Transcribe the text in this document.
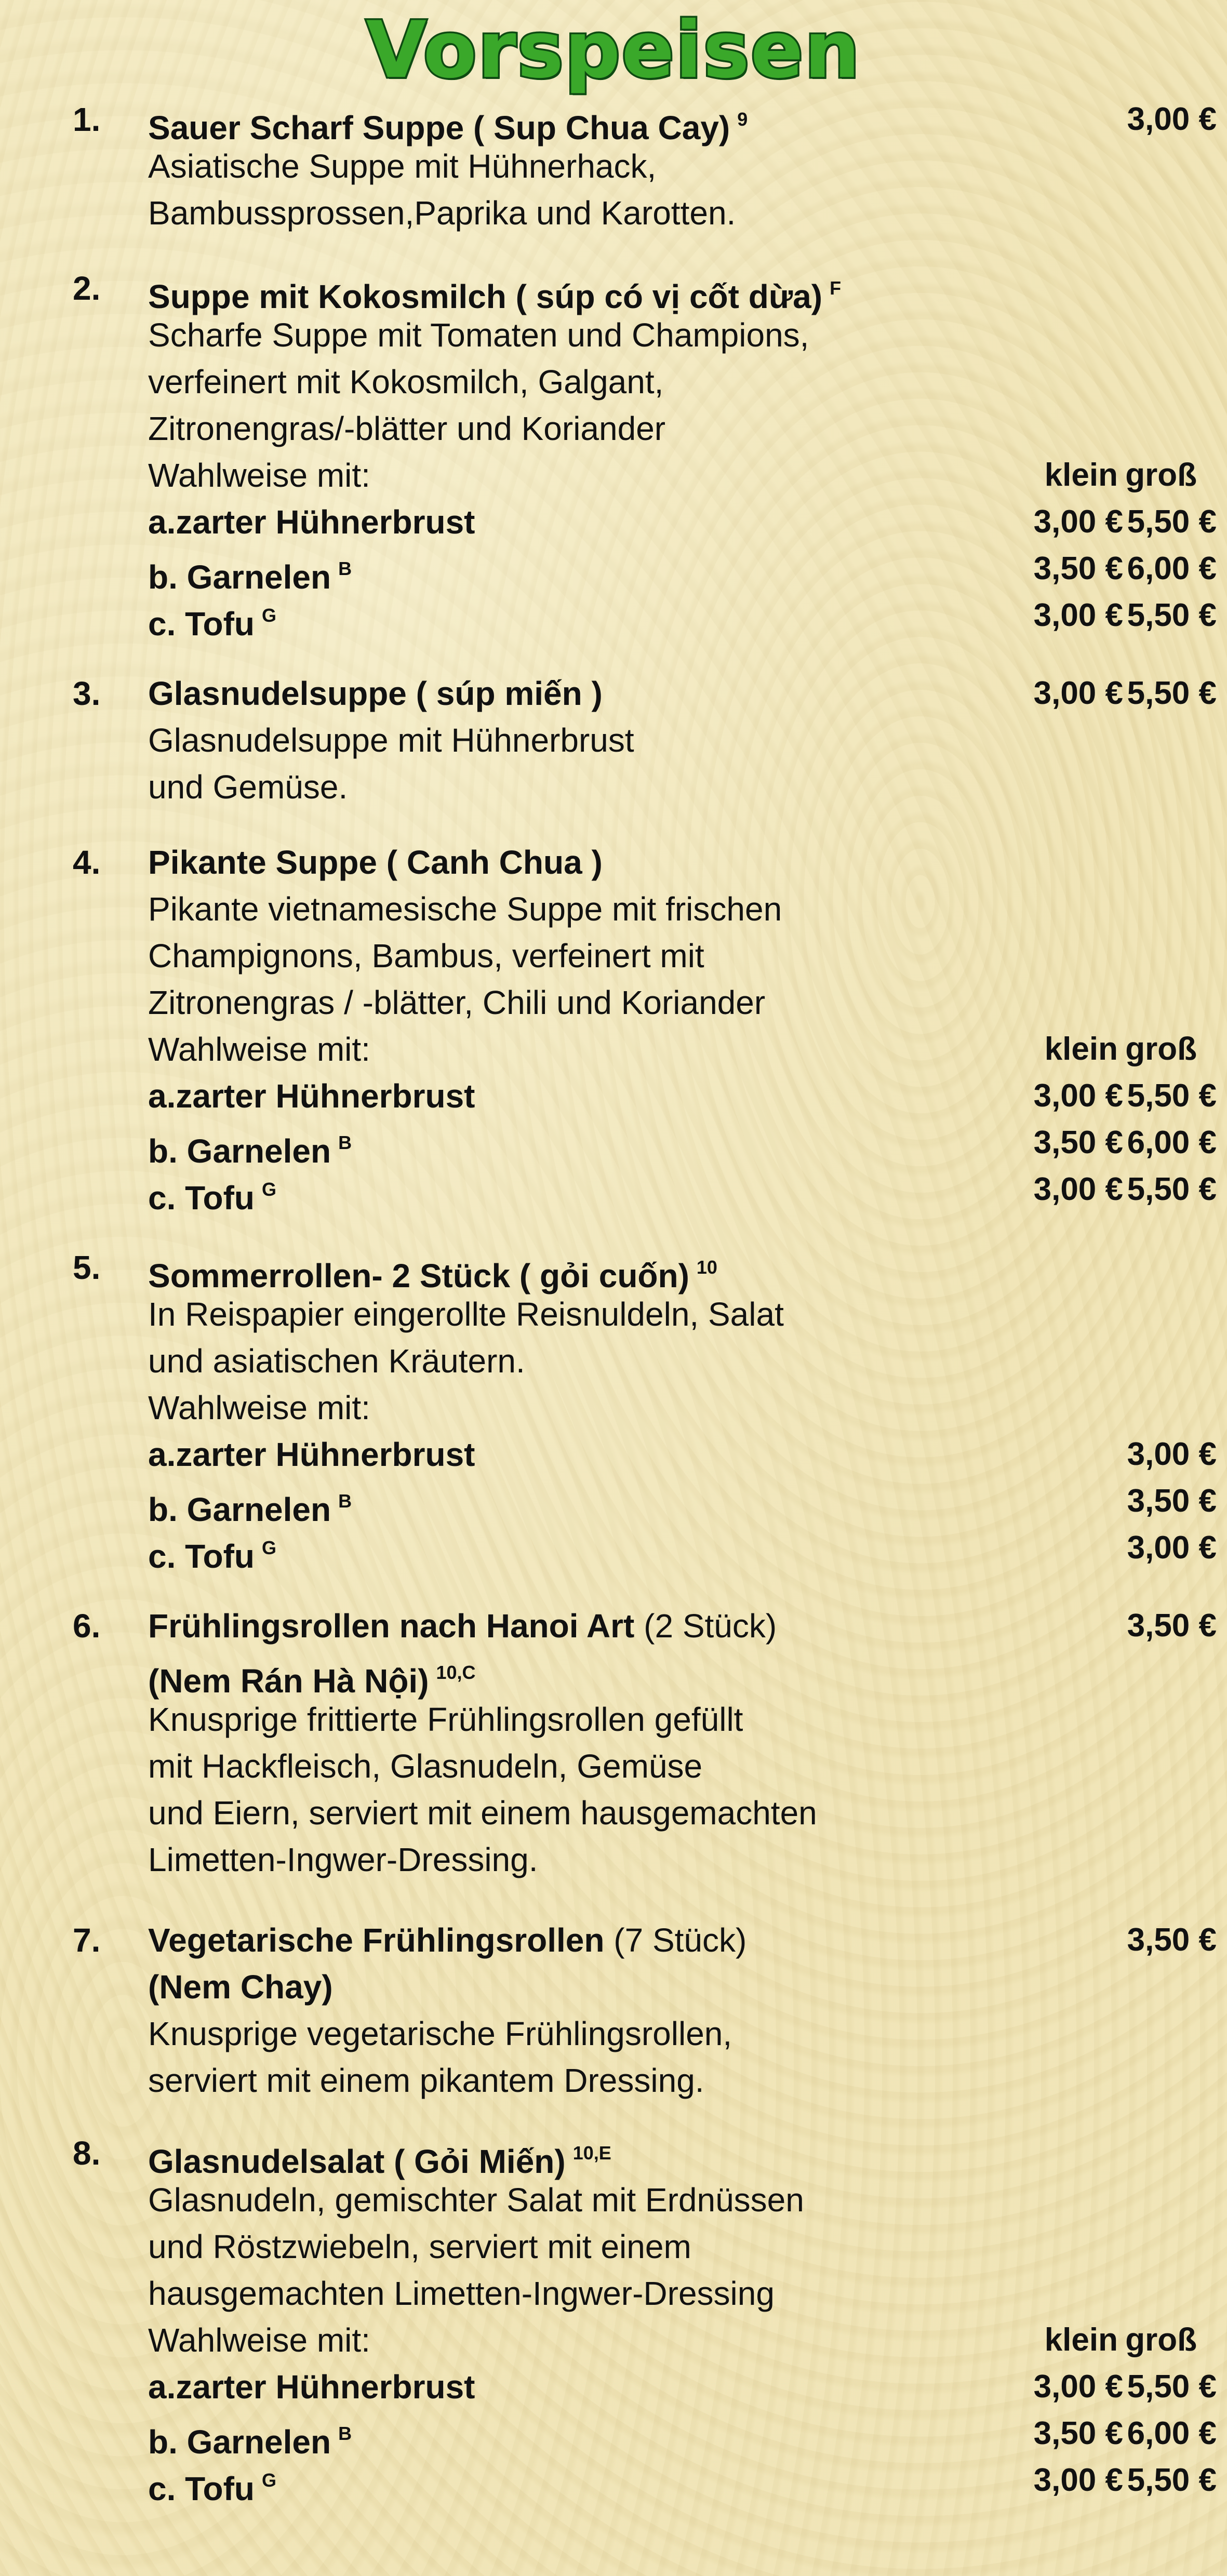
Vorspeisen
1. Sauer Scharf Suppe ( Sup Chua Cay) $^9$	3,00 €
Asiatische Suppe mit Hühnerhack,
Bambussprossen,Paprika und Karotten.
2. Suppe mit Kokosmilch ( súp có vị cốt dừa) $^F$
Scharfe Suppe mit Tomaten und Champions,
verfeinert mit Kokosmilch, Galgant,
Zitronengras/-blätter und Koriander
Wahlweise mit:	klein groß
a.zarter Hühnerbrust	3,00 € 5,50 €
b. Garnelen $^B$	3,50 € 6,00 €
c. Tofu $^G$	3,00 € 5,50 €
3. Glasnudelsuppe ( súp miến )	3,00 € 5,50 €
Glasnudelsuppe mit Hühnerbrust
und Gemüse.
4. Pikante Suppe ( Canh Chua )
Pikante vietnamesische Suppe mit frischen
Champignons, Bambus, verfeinert mit
Zitronengras / -blätter, Chili und Koriander
Wahlweise mit:	klein groß
a.zarter Hühnerbrust	3,00 € 5,50 €
b. Garnelen $^B$	3,50 € 6,00 €
c. Tofu $^G$	3,00 € 5,50 €
5. Sommerrollen- 2 Stück ( gỏi cuốn) $^{10}$
In Reispapier eingerollte Reisnuldeln, Salat
und asiatischen Kräutern.
Wahlweise mit:
a.zarter Hühnerbrust	3,00 €
b. Garnelen $^B$	3,50 €
c. Tofu $^G$	3,00 €
6. Frühlingsrollen nach Hanoi Art (2 Stück)	3,50 €
(Nem Rán Hà Nội) $^{10,C}$
Knusprige frittierte Frühlingsrollen gefüllt
mit Hackfleisch, Glasnudeln, Gemüse
und Eiern, serviert mit einem hausgemachten
Limetten-Ingwer-Dressing.
7. Vegetarische Frühlingsrollen (7 Stück)	3,50 €
(Nem Chay)
Knusprige vegetarische Frühlingsrollen,
serviert mit einem pikantem Dressing.
8. Glasnudelsalat ( Gỏi Miến) $^{10,E}$
Glasnudeln, gemischter Salat mit Erdnüssen
und Röstzwiebeln, serviert mit einem
hausgemachten Limetten-Ingwer-Dressing
Wahlweise mit:	klein groß
a.zarter Hühnerbrust	3,00 € 5,50 €
b. Garnelen $^B$	3,50 € 6,00 €
c. Tofu $^G$	3,00 € 5,50 €
